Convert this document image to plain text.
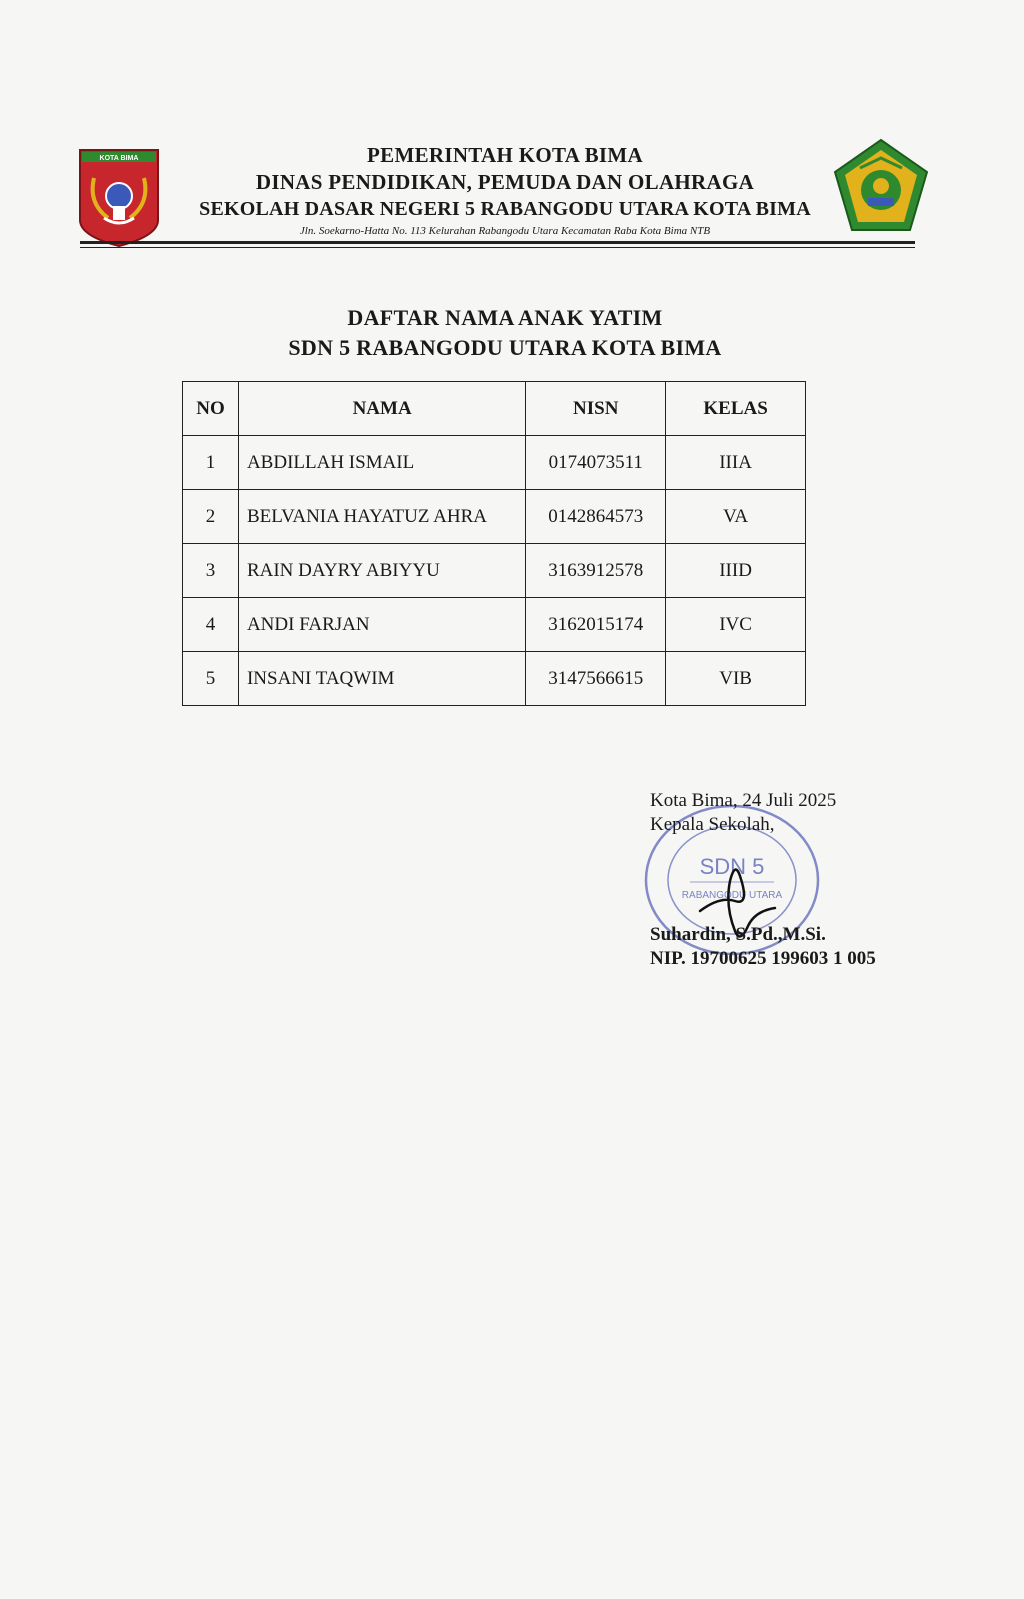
KOTA BIMA	PEMERINTAH KOTA BIMA
DINAS PENDIDIKAN, PEMUDA DAN OLAHRAGA
SEKOLAH DASAR NEGERI 5 RABANGODU UTARA KOTA BIMA
Jln. Soekarno-Hatta No. 113 Kelurahan Rabangodu Utara Kecamatan Raba Kota Bima NTB
DAFTAR NAMA ANAK YATIM
SDN 5 RABANGODU UTARA KOTA BIMA
NO	NAMA	NISN	KELAS
1	ABDILLAH ISMAIL	0174073511	IIIA
2	BELVANIA HAYATUZ AHRA	0142864573	VA
3	RAIN DAYRY ABIYYU	3163912578	IIID
4	ANDI FARJAN	3162015174	IVC
5	INSANI TAQWIM	3147566615	VIB
SDN 5
RABANGODU UTARA
Kota Bima, 24 Juli 2025
Kepala Sekolah,
Suhardin, S.Pd.,M.Si.
NIP. 19700625 199603 1 005
